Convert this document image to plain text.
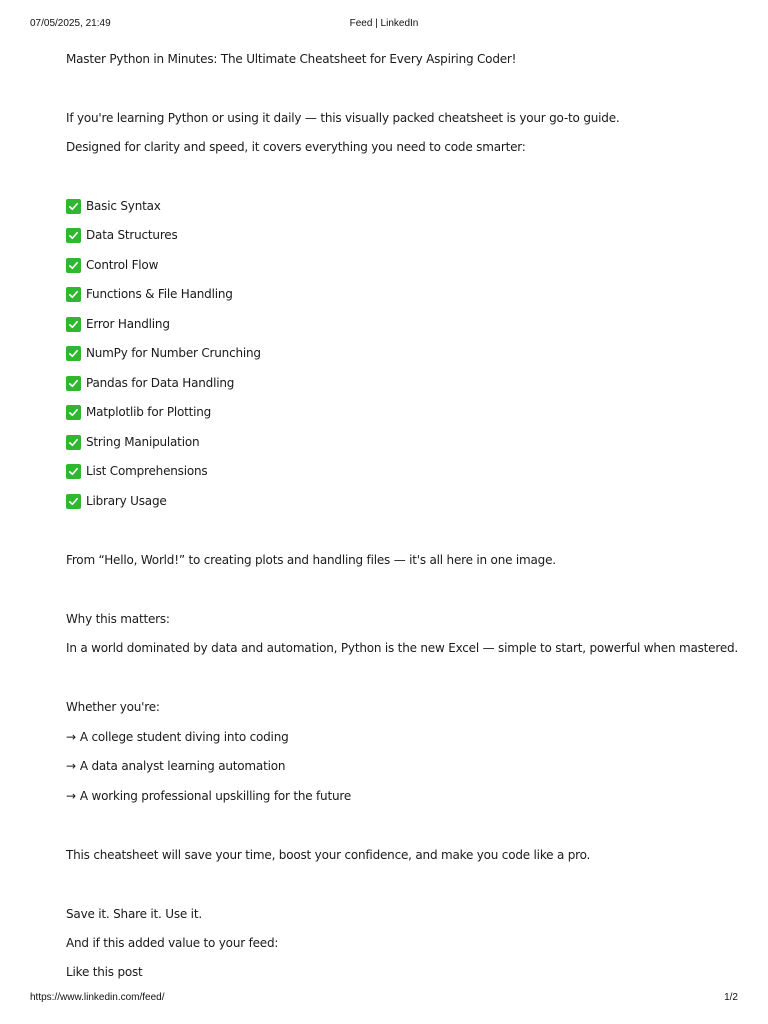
07/05/2025, 21:49	Feed | LinkedIn
Master Python in Minutes: The Ultimate Cheatsheet for Every Aspiring Coder!
If you're learning Python or using it daily — this visually packed cheatsheet is your go-to guide.
Designed for clarity and speed, it covers everything you need to code smarter:
Basic Syntax
Data Structures
Control Flow
Functions & File Handling
Error Handling
NumPy for Number Crunching
Pandas for Data Handling
Matplotlib for Plotting
String Manipulation
List Comprehensions
Library Usage
From “Hello, World!” to creating plots and handling files — it's all here in one image.
Why this matters:
In a world dominated by data and automation, Python is the new Excel — simple to start, powerful when mastered.
Whether you're:
→ A college student diving into coding
→ A data analyst learning automation
→ A working professional upskilling for the future
This cheatsheet will save your time, boost your confidence, and make you code like a pro.
Save it. Share it. Use it.
And if this added value to your feed:
Like this post
https://www.linkedin.com/feed/	1/2
